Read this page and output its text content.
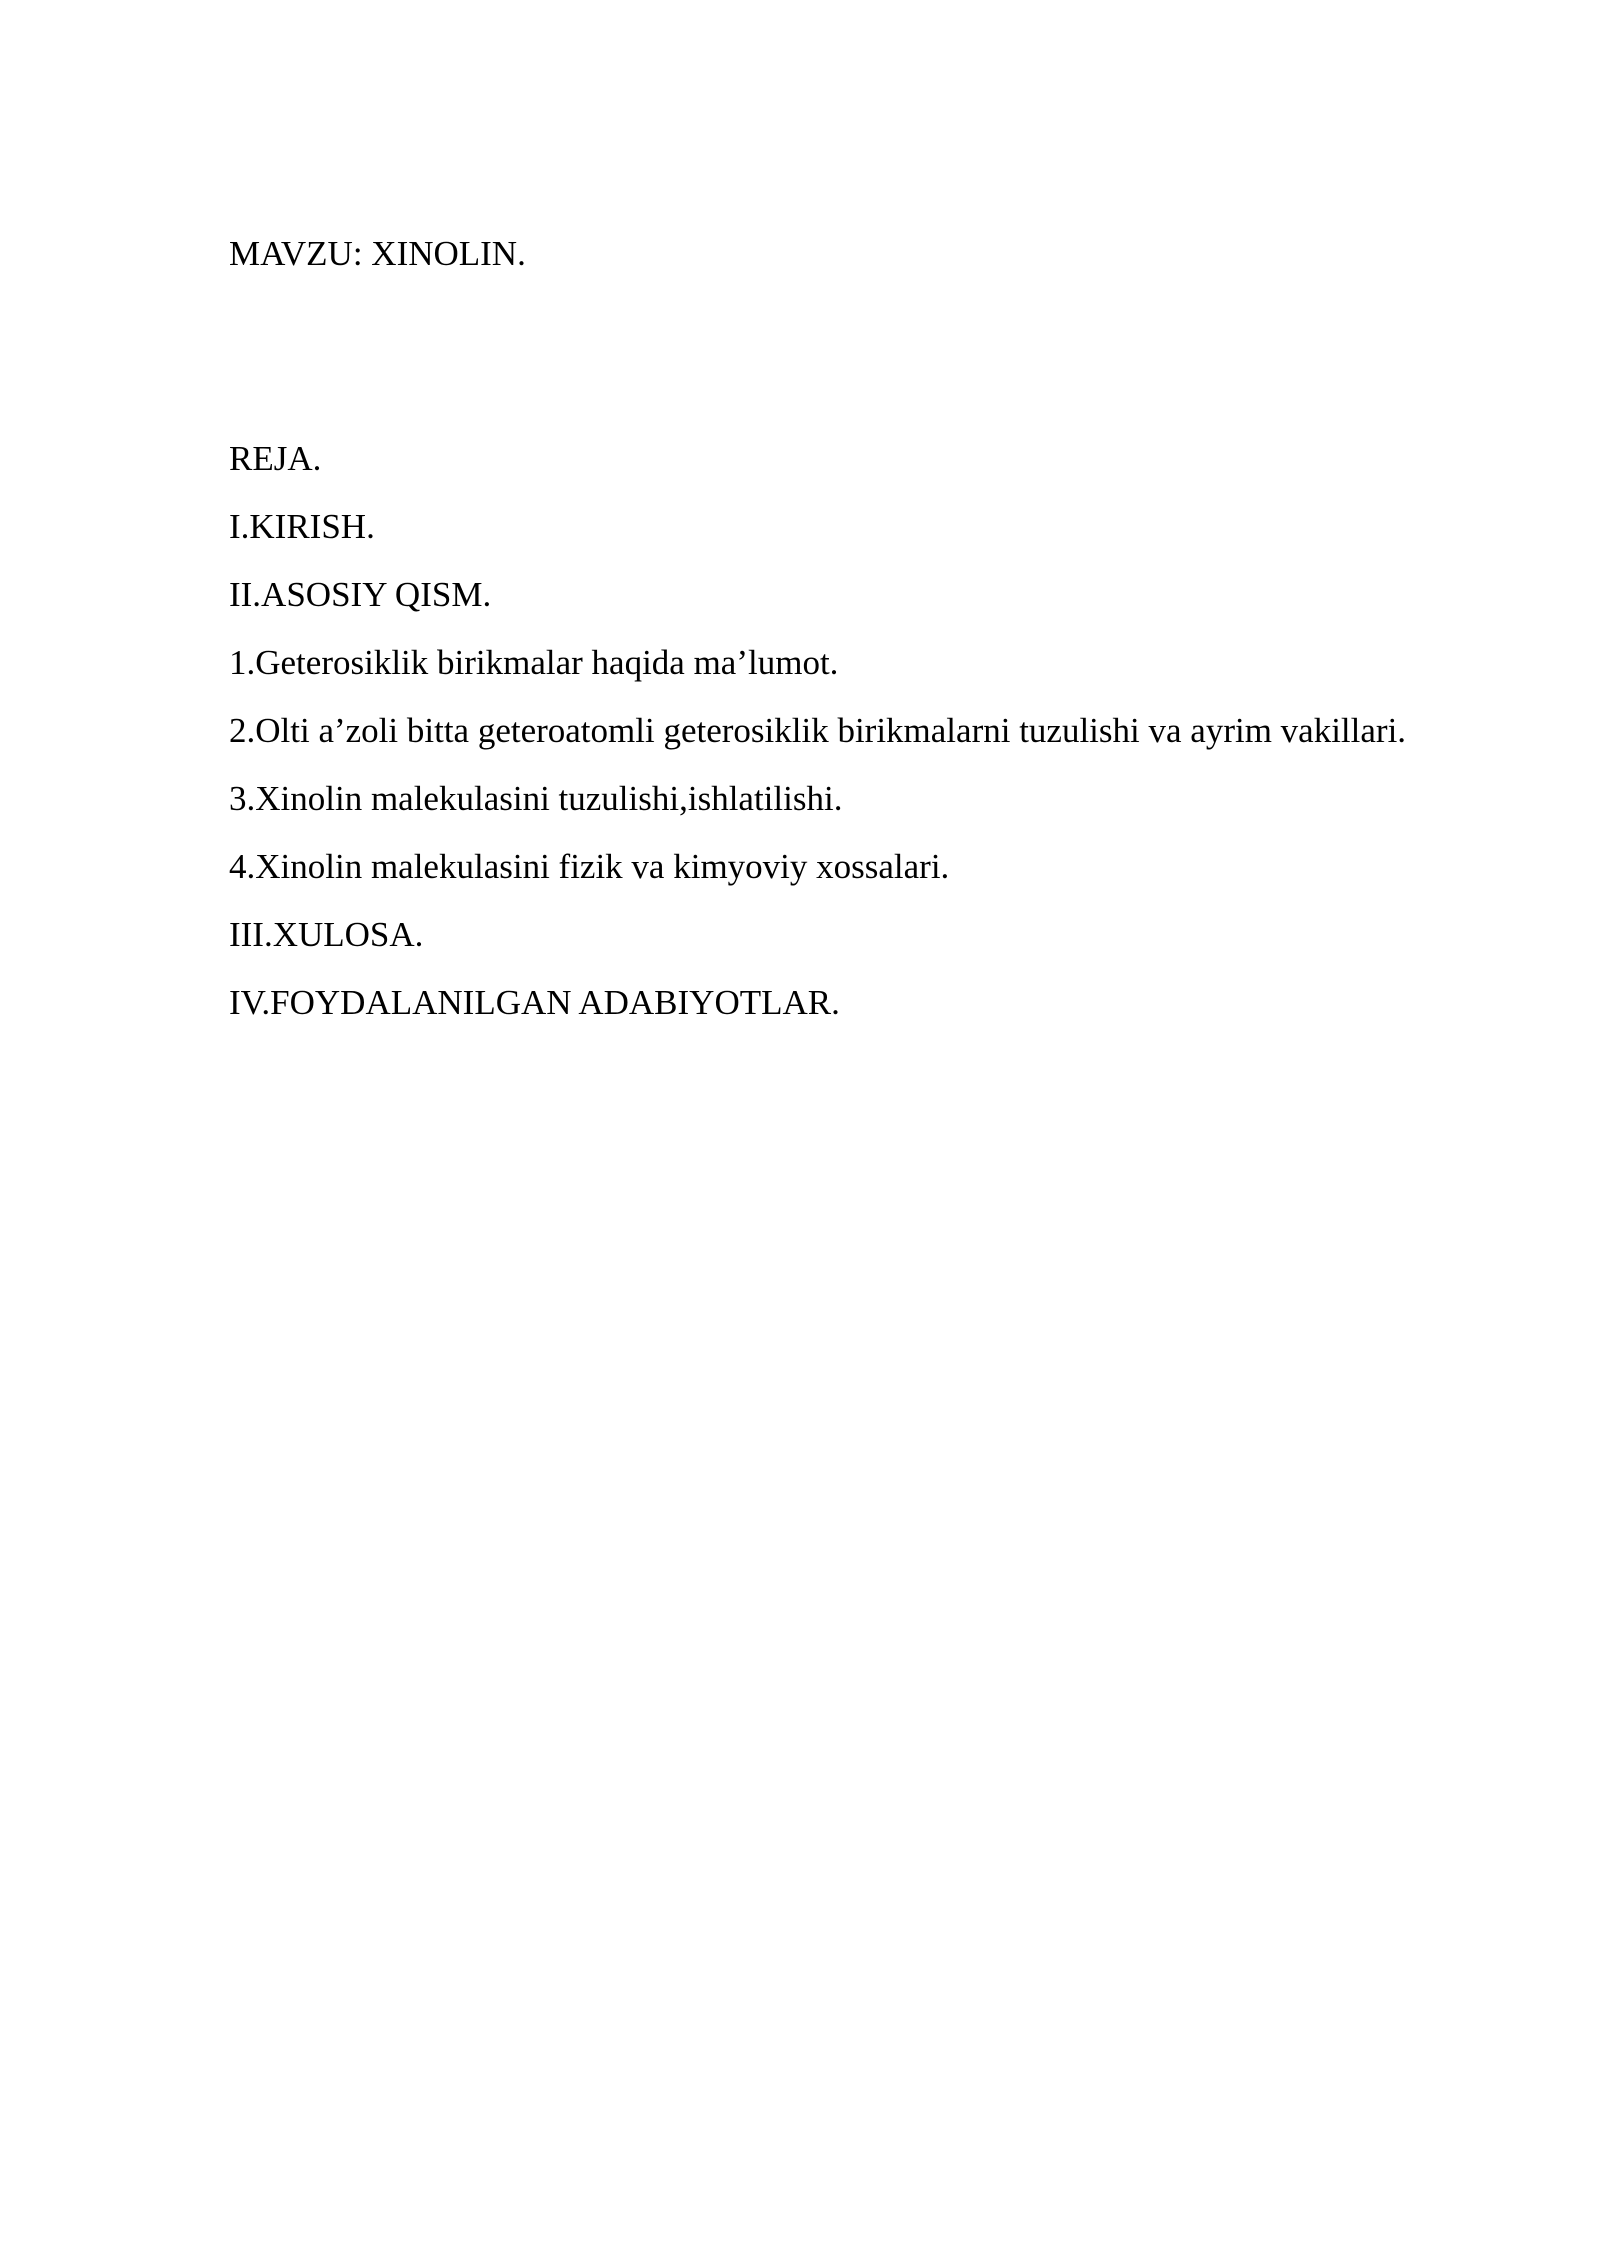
MAVZU: XINOLIN.

REJA.

I.KIRISH.

II.ASOSIY QISM.

1.Geterosiklik birikmalar haqida ma’lumot.

2.Olti a’zoli bitta geteroatomli geterosiklik birikmalarni tuzulishi va ayrim vakillari.

3.Xinolin malekulasini tuzulishi,ishlatilishi.

4.Xinolin malekulasini fizik va kimyoviy xossalari.

III.XULOSA.

IV.FOYDALANILGAN ADABIYOTLAR.
